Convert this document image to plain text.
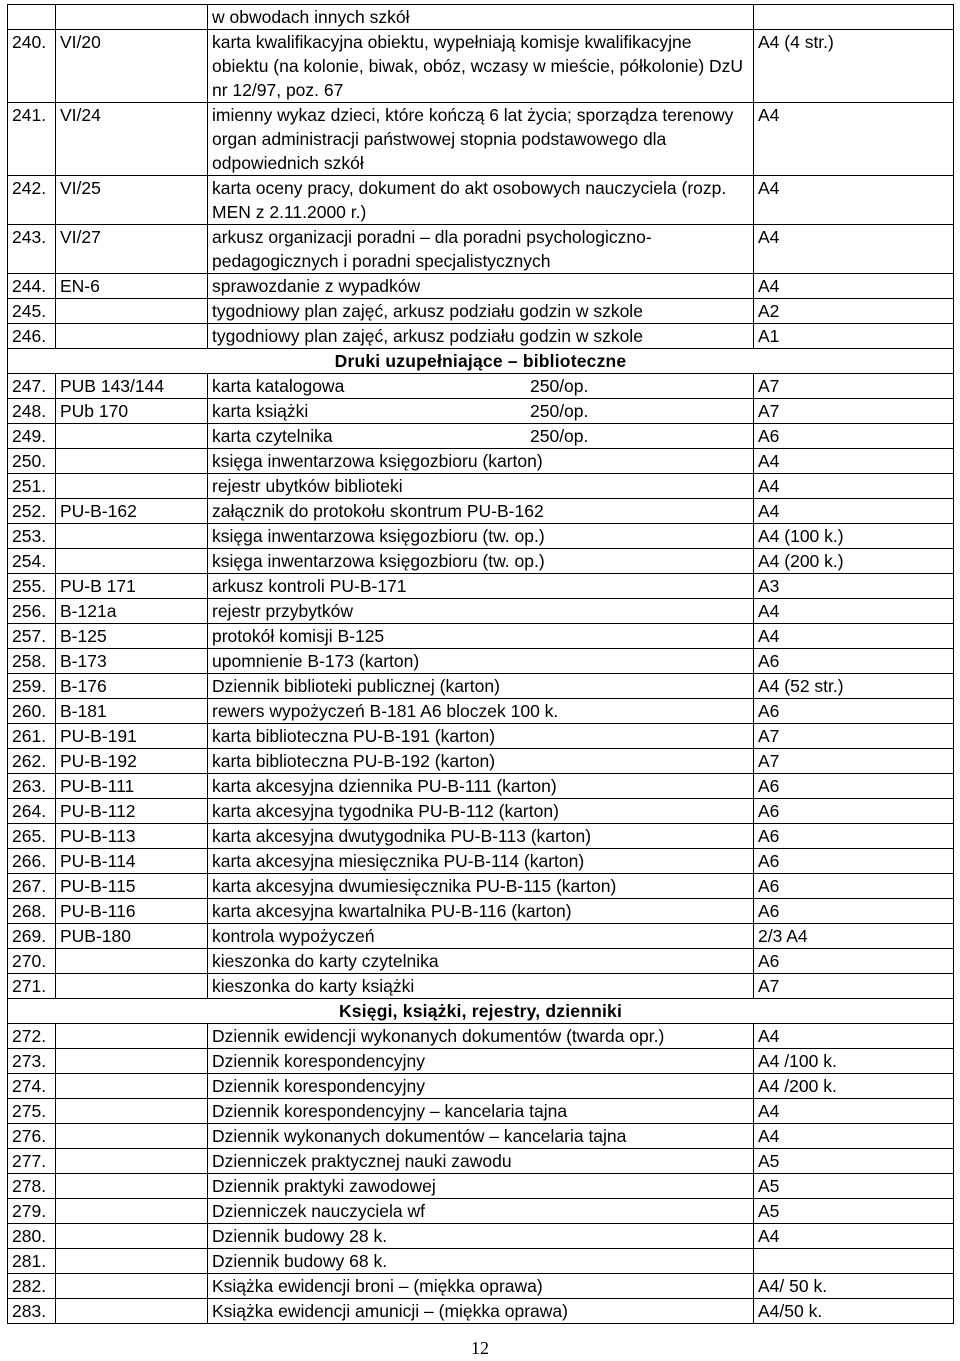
		w obwodach innych szkół	
240.	VI/20	karta kwalifikacyjna obiektu, wypełniają komisje kwalifikacyjne obiektu (na kolonie, biwak, obóz, wczasy w mieście, półkolonie) DzU nr 12/97, poz. 67	A4 (4 str.)
241.	VI/24	imienny wykaz dzieci, które kończą 6 lat życia; sporządza terenowy organ administracji państwowej stopnia podstawowego dla odpowiednich szkół	A4
242.	VI/25	karta oceny pracy, dokument do akt osobowych nauczyciela (rozp. MEN z 2.11.2000 r.)	A4
243.	VI/27	arkusz organizacji poradni – dla poradni psychologiczno-pedagogicznych i poradni specjalistycznych	A4
244.	EN-6	sprawozdanie z wypadków	A4
245.		tygodniowy plan zajęć, arkusz podziału godzin w szkole	A2
246.		tygodniowy plan zajęć, arkusz podziału godzin w szkole	A1
Druki uzupełniające – biblioteczne			
247.	PUB 143/144	karta katalogowa 250/op.	A7
248.	PUb 170	karta książki 250/op.	A7
249.		karta czytelnika 250/op.	A6
250.		księga inwentarzowa księgozbioru (karton)	A4
251.		rejestr ubytków biblioteki	A4
252.	PU-B-162	załącznik do protokołu skontrum PU-B-162	A4
253.		księga inwentarzowa księgozbioru (tw. op.)	A4 (100 k.)
254.		księga inwentarzowa księgozbioru (tw. op.)	A4 (200 k.)
255.	PU-B 171	arkusz kontroli PU-B-171	A3
256.	B-121a	rejestr przybytków	A4
257.	B-125	protokół komisji B-125	A4
258.	B-173	upomnienie B-173 (karton)	A6
259.	B-176	Dziennik biblioteki publicznej (karton)	A4 (52 str.)
260.	B-181	rewers wypożyczeń B-181 A6 bloczek 100 k.	A6
261.	PU-B-191	karta biblioteczna PU-B-191 (karton)	A7
262.	PU-B-192	karta biblioteczna PU-B-192 (karton)	A7
263.	PU-B-111	karta akcesyjna dziennika PU-B-111 (karton)	A6
264.	PU-B-112	karta akcesyjna tygodnika PU-B-112 (karton)	A6
265.	PU-B-113	karta akcesyjna dwutygodnika PU-B-113 (karton)	A6
266.	PU-B-114	karta akcesyjna miesięcznika PU-B-114 (karton)	A6
267.	PU-B-115	karta akcesyjna dwumiesięcznika PU-B-115 (karton)	A6
268.	PU-B-116	karta akcesyjna kwartalnika PU-B-116 (karton)	A6
269.	PUB-180	kontrola wypożyczeń	2/3 A4
270.		kieszonka do karty czytelnika	A6
271.		kieszonka do karty książki	A7
Księgi, książki, rejestry, dzienniki			
272.		Dziennik ewidencji wykonanych dokumentów (twarda opr.)	A4
273.		Dziennik korespondencyjny	A4 /100 k.
274.		Dziennik korespondencyjny	A4 /200 k.
275.		Dziennik korespondencyjny – kancelaria tajna	A4
276.		Dziennik wykonanych dokumentów – kancelaria tajna	A4
277.		Dzienniczek praktycznej nauki zawodu	A5
278.		Dziennik praktyki zawodowej	A5
279.		Dzienniczek nauczyciela wf	A5
280.		Dziennik budowy 28 k.	A4
281.		Dziennik budowy 68 k.	
282.		Książka ewidencji broni – (miękka oprawa)	A4/ 50 k.
283.		Książka ewidencji amunicji – (miękka oprawa)	A4/50 k.
12
